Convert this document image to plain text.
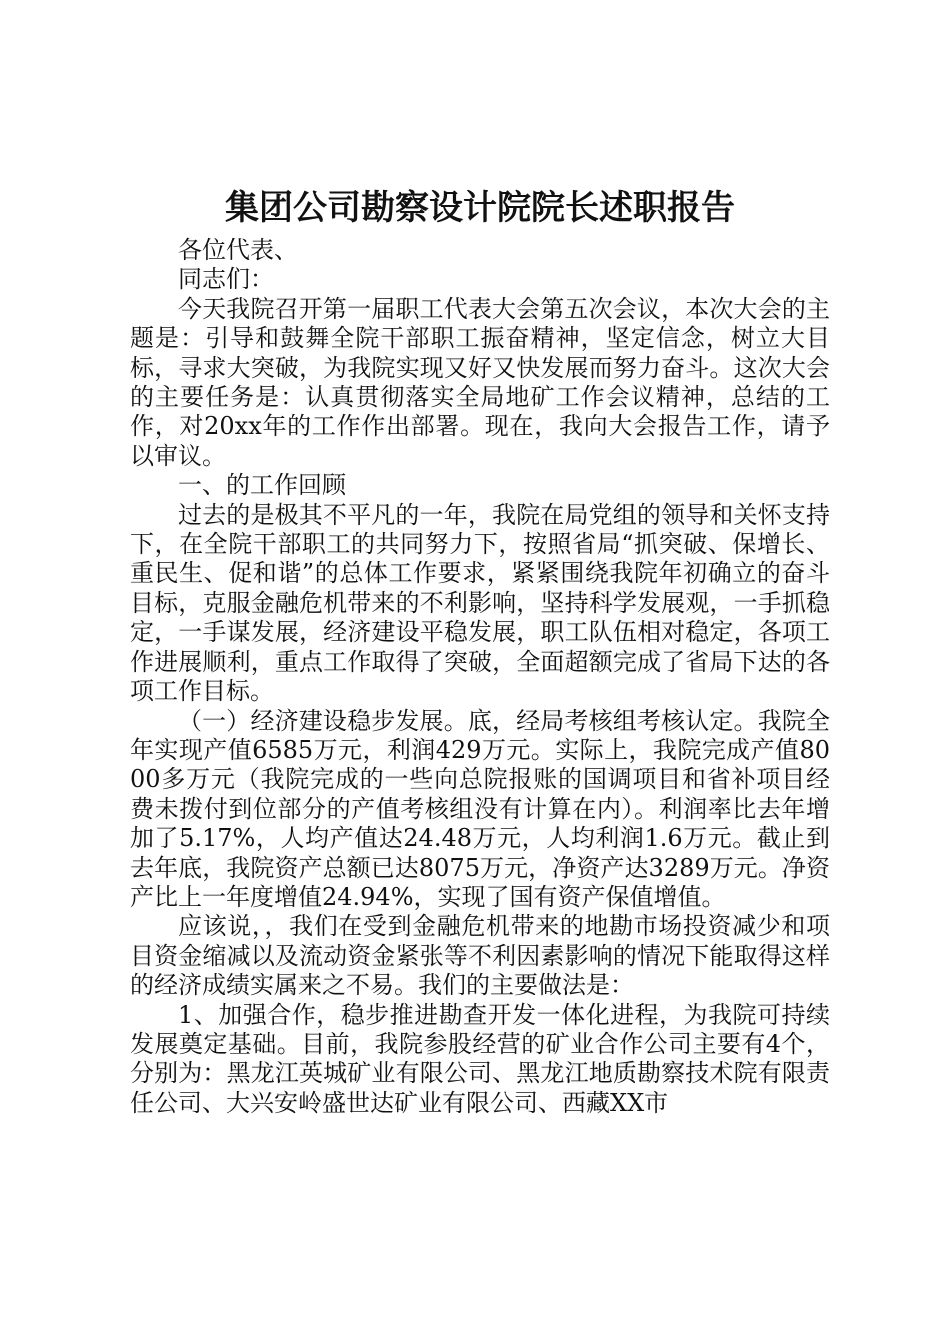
集团公司勘察设计院院长述职报告

各位代表、

同志们：

今天我院召开第一届职工代表大会第五次会议，本次大会的主题是：引导和鼓舞全院干部职工振奋精神，坚定信念，树立大目标，寻求大突破，为我院实现又好又快发展而努力奋斗。这次大会的主要任务是：认真贯彻落实全局地矿工作会议精神，总结的工作，对20xx年的工作作出部署。现在，我向大会报告工作，请予以审议。

一、的工作回顾

过去的是极其不平凡的一年，我院在局党组的领导和关怀支持下，在全院干部职工的共同努力下，按照省局“抓突破、保增长、重民生、促和谐”的总体工作要求，紧紧围绕我院年初确立的奋斗目标，克服金融危机带来的不利影响，坚持科学发展观，一手抓稳定，一手谋发展，经济建设平稳发展，职工队伍相对稳定，各项工作进展顺利，重点工作取得了突破，全面超额完成了省局下达的各项工作目标。

（一）经济建设稳步发展。底，经局考核组考核认定。我院全年实现产值6585万元，利润429万元。实际上，我院完成产值8000多万元（我院完成的一些向总院报账的国调项目和省补项目经费未拨付到位部分的产值考核组没有计算在内）。利润率比去年增加了5.17%，人均产值达24.48万元，人均利润1.6万元。截止到去年底，我院资产总额已达8075万元，净资产达3289万元。净资产比上一年度增值24.94%，实现了国有资产保值增值。

应该说，，我们在受到金融危机带来的地勘市场投资减少和项目资金缩减以及流动资金紧张等不利因素影响的情况下能取得这样的经济成绩实属来之不易。我们的主要做法是：

1、加强合作，稳步推进勘查开发一体化进程，为我院可持续发展奠定基础。目前，我院参股经营的矿业合作公司主要有4个，分别为：黑龙江英城矿业有限公司、黑龙江地质勘察技术院有限责任公司、大兴安岭盛世达矿业有限公司、西藏XX市
